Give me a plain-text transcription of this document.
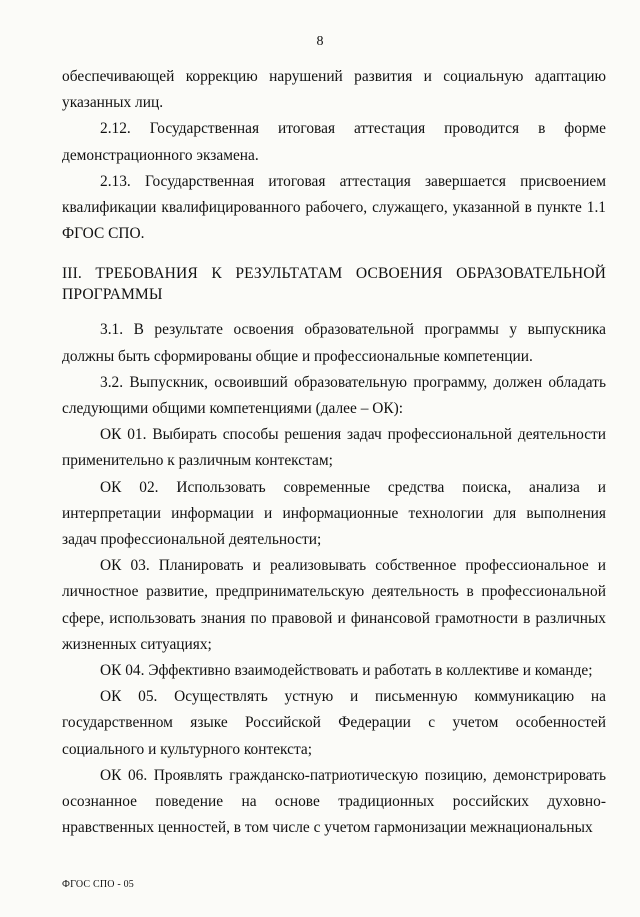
8

обеспечивающей коррекцию нарушений развития и социальную адаптацию указанных лиц.

2.12. Государственная итоговая аттестация проводится в форме демонстрационного экзамена.

2.13. Государственная итоговая аттестация завершается присвоением квалификации квалифицированного рабочего, служащего, указанной в пункте 1.1 ФГОС СПО.

III. ТРЕБОВАНИЯ К РЕЗУЛЬТАТАМ ОСВОЕНИЯ ОБРАЗОВАТЕЛЬНОЙ ПРОГРАММЫ

3.1. В результате освоения образовательной программы у выпускника должны быть сформированы общие и профессиональные компетенции.

3.2. Выпускник, освоивший образовательную программу, должен обладать следующими общими компетенциями (далее – ОК):

ОК 01. Выбирать способы решения задач профессиональной деятельности применительно к различным контекстам;

ОК 02. Использовать современные средства поиска, анализа и интерпретации информации и информационные технологии для выполнения задач профессиональной деятельности;

ОК 03. Планировать и реализовывать собственное профессиональное и личностное развитие, предпринимательскую деятельность в профессиональной сфере, использовать знания по правовой и финансовой грамотности в различных жизненных ситуациях;

ОК 04. Эффективно взаимодействовать и работать в коллективе и команде;

ОК 05. Осуществлять устную и письменную коммуникацию на государственном языке Российской Федерации с учетом особенностей социального и культурного контекста;

ОК 06. Проявлять гражданско-патриотическую позицию, демонстрировать осознанное поведение на основе традиционных российских духовно-нравственных ценностей, в том числе с учетом гармонизации межнациональных

ФГОС СПО - 05
